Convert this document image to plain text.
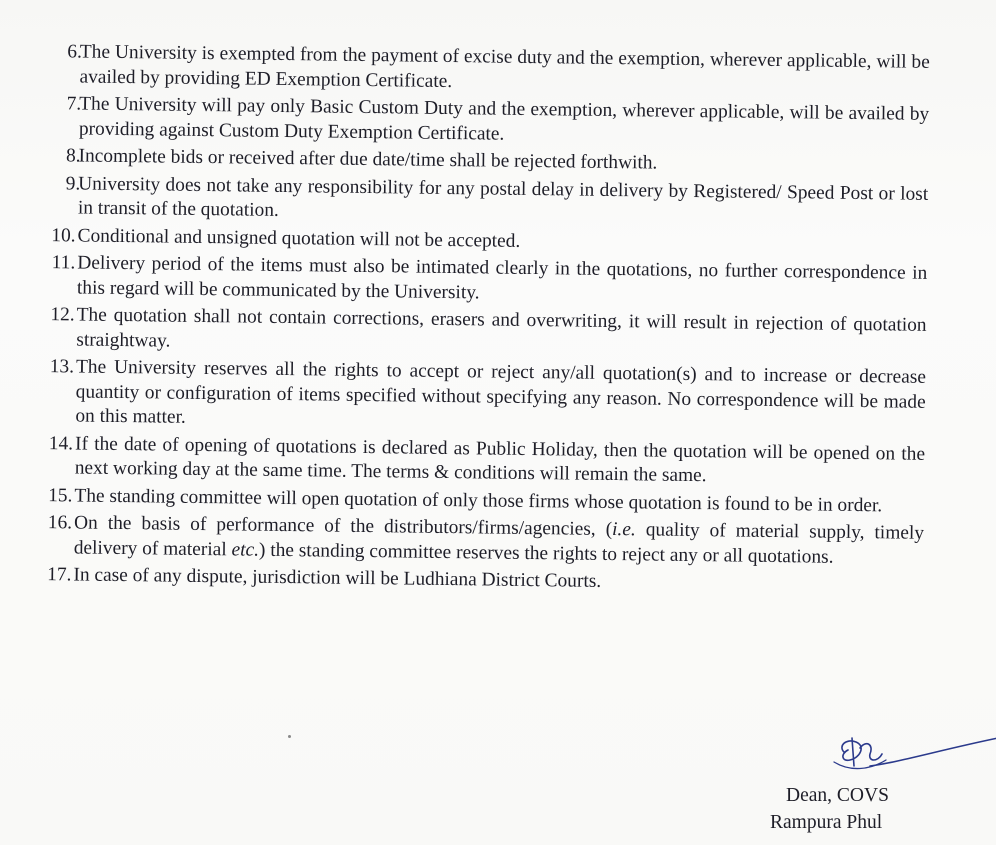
6.
The University is exempted from the payment of excise duty and the exemption, wherever applicable, will be availed by providing ED Exemption Certificate.
7.
The University will pay only Basic Custom Duty and the exemption, wherever applicable, will be availed by providing against Custom Duty Exemption Certificate.
8.
Incomplete bids or received after due date/time shall be rejected forthwith.
9.
University does not take any responsibility for any postal delay in delivery by Registered/ Speed Post or lost in transit of the quotation.
10. Conditional and unsigned quotation will not be accepted.
11. Delivery period of the items must also be intimated clearly in the quotations, no further correspondence in this regard will be communicated by the University.
12. The quotation shall not contain corrections, erasers and overwriting, it will result in rejection of quotation straightway.
13. The University reserves all the rights to accept or reject any/all quotation(s) and to increase or decrease quantity or configuration of items specified without specifying any reason. No correspondence will be made on this matter.
14. If the date of opening of quotations is declared as Public Holiday, then the quotation will be opened on the next working day at the same time. The terms & conditions will remain the same.
15. The standing committee will open quotation of only those firms whose quotation is found to be in order.
16. On the basis of performance of the distributors/firms/agencies, (i.e. quality of material supply, timely delivery of material etc.) the standing committee reserves the rights to reject any or all quotations.
17. In case of any dispute, jurisdiction will be Ludhiana District Courts.
Dean, COVS
Rampura Phul
